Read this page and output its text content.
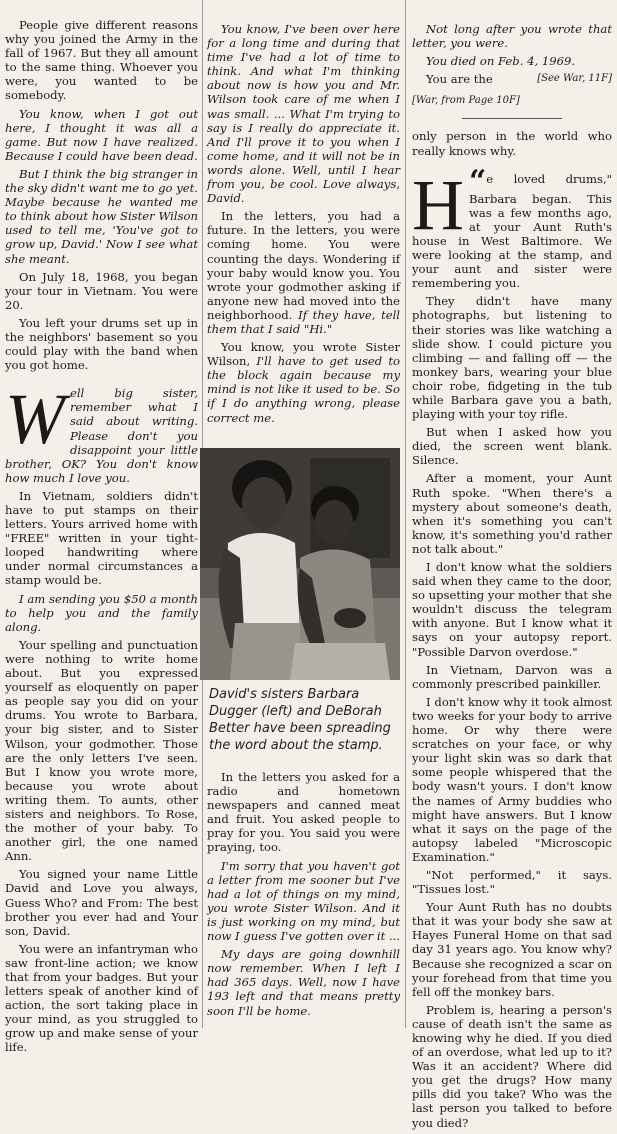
People give different reasons why you joined the Army in the fall of 1967. But they all amount to the same thing. Whoever you were, you wanted to be somebody.

You know, when I got out here, I thought it was all a game. But now I have realized. Because I could have been dead.

But I think the big stranger in the sky didn't want me to go yet. Maybe because he wanted me to think about how Sister Wilson used to tell me, 'You've got to grow up, David.' Now I see what she meant.

On July 18, 1968, you began your tour in Vietnam. You were 20.

You left your drums set up in the neighbors' basement so you could play with the band when you got home.

Well big sister, remember what I said about writing. Please don't you disappoint your little brother, OK? You don't know how much I love you.

In Vietnam, soldiers didn't have to put stamps on their letters. Yours arrived home with "FREE" written in your tight-looped handwriting where under normal circumstances a stamp would be.

I am sending you $50 a month to help you and the family along.

Your spelling and punctuation were nothing to write home about. But you expressed yourself as eloquently on paper as people say you did on your drums. You wrote to Barbara, your big sister, and to Sister Wilson, your godmother. Those are the only letters I've seen. But I know you wrote more, because you wrote about writing them. To aunts, other sisters and neighbors. To Rose, the mother of your baby. To another girl, the one named Ann.

You signed your name Little David and Love you always, Guess Who? and From: The best brother you ever had and Your son, David.

You were an infantryman who saw front-line action; we know that from your badges. But your letters speak of another kind of action, the sort taking place in your mind, as you struggled to grow up and make sense of your life.

You know, I've been over here for a long time and during that time I've had a lot of time to think. And what I'm thinking about now is how you and Mr. Wilson took care of me when I was small. ... What I'm trying to say is I really do appreciate it. And I'll prove it to you when I come home, and it will not be in words alone. Well, until I hear from you, be cool. Love always, David.

In the letters, you had a future. In the letters, you were coming home. You were counting the days. Wondering if your baby would know you. You wrote your godmother asking if anyone new had moved into the neighborhood. If they have, tell them that I said "Hi."

You know, you wrote Sister Wilson, I'll have to get used to the block again because my mind is not like it used to be. So if I do anything wrong, please correct me.

David's sisters Barbara Dugger (left) and DeBorah Better have been spreading the word about the stamp.

In the letters you asked for a radio and hometown newspapers and canned meat and fruit. You asked people to pray for you. You said you were praying, too.

I'm sorry that you haven't got a letter from me sooner but I've had a lot of things on my mind, you wrote Sister Wilson. And it is just working on my mind, but now I guess I've gotten over it ...

My days are going downhill now remember. When I left I had 365 days. Well, now I have 193 left and that means pretty soon I'll be home.

Not long after you wrote that letter, you were.

You died on Feb. 4, 1969.

You are the	[See War, 11F]

[War, from Page 10F]

only person in the world who really knows why.

“
H e loved drums," Barbara began. This was a few months ago, at your Aunt Ruth's house in West Baltimore. We were looking at the stamp, and your aunt and sister were remembering you.

They didn't have many photographs, but listening to their stories was like watching a slide show. I could picture you climbing — and falling off — the monkey bars, wearing your blue choir robe, fidgeting in the tub while Barbara gave you a bath, playing with your toy rifle.

But when I asked how you died, the screen went blank. Silence.

After a moment, your Aunt Ruth spoke. "When there's a mystery about someone's death, when it's something you can't know, it's something you'd rather not talk about."

I don't know what the soldiers said when they came to the door, so upsetting your mother that she wouldn't discuss the telegram with anyone. But I know what it says on your autopsy report. "Possible Darvon overdose."

In Vietnam, Darvon was a commonly prescribed painkiller.

I don't know why it took almost two weeks for your body to arrive home. Or why there were scratches on your face, or why your light skin was so dark that some people whispered that the body wasn't yours. I don't know the names of Army buddies who might have answers. But I know what it says on the page of the autopsy labeled "Microscopic Examination."

"Not performed," it says. "Tissues lost."

Your Aunt Ruth has no doubts that it was your body she saw at Hayes Funeral Home on that sad day 31 years ago. You know why? Because she recognized a scar on your forehead from that time you fell off the monkey bars.

Problem is, hearing a person's cause of death isn't the same as knowing why he died. If you died of an overdose, what led up to it? Was it an accident? Where did you get the drugs? How many pills did you take? Who was the last person you talked to before you died?
